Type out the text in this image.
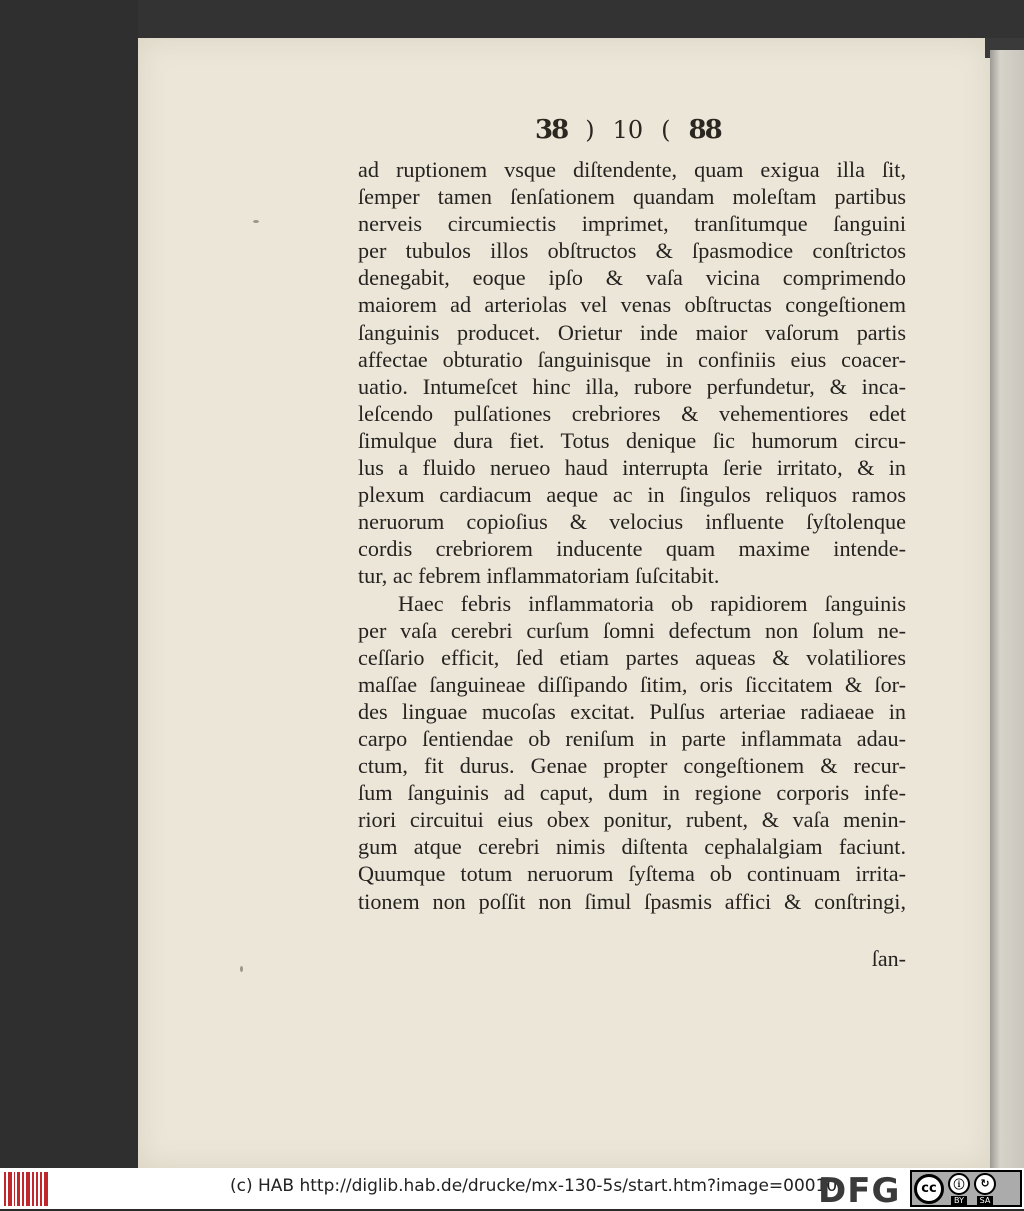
38 ) 10 ( 88
ad ruptionem vsque diſtendente, quam exigua illa ſit,
ſemper tamen ſenſationem quandam moleſtam partibus
nerveis circumiectis imprimet, tranſitumque ſanguini
per tubulos illos obſtructos & ſpasmodice conſtrictos
denegabit, eoque ipſo & vaſa vicina comprimendo
maiorem ad arteriolas vel venas obſtructas congeſtionem
ſanguinis producet. Orietur inde maior vaſorum partis
affectae obturatio ſanguinisque in confiniis eius coacer-
uatio. Intumeſcet hinc illa, rubore perfundetur, & inca-
leſcendo pulſationes crebriores & vehementiores edet
ſimulque dura fiet. Totus denique ſic humorum circu-
lus a fluido nerueo haud interrupta ſerie irritato, & in
plexum cardiacum aeque ac in ſingulos reliquos ramos
neruorum copioſius & velocius influente ſyſtolenque
cordis crebriorem inducente quam maxime intende-
tur, ac febrem inflammatoriam ſuſcitabit.
Haec febris inflammatoria ob rapidiorem ſanguinis
per vaſa cerebri curſum ſomni defectum non ſolum ne-
ceſſario efficit, ſed etiam partes aqueas & volatiliores
maſſae ſanguineae diſſipando ſitim, oris ſiccitatem & ſor-
des linguae mucoſas excitat. Pulſus arteriae radiaeae in
carpo ſentiendae ob reniſum in parte inflammata adau-
ctum, fit durus. Genae propter congeſtionem & recur-
ſum ſanguinis ad caput, dum in regione corporis infe-
riori circuitui eius obex ponitur, rubent, & vaſa menin-
gum atque cerebri nimis diſtenta cephalalgiam faciunt.
Quumque totum neruorum ſyſtema ob continuam irrita-
tionem non poſſit non ſimul ſpasmis affici & conſtringi,
ſan-
(c) HAB http://diglib.hab.de/drucke/mx-130-5s/start.htm?image=00010
DFG	cc	ⓘ
BY
↻
SA
